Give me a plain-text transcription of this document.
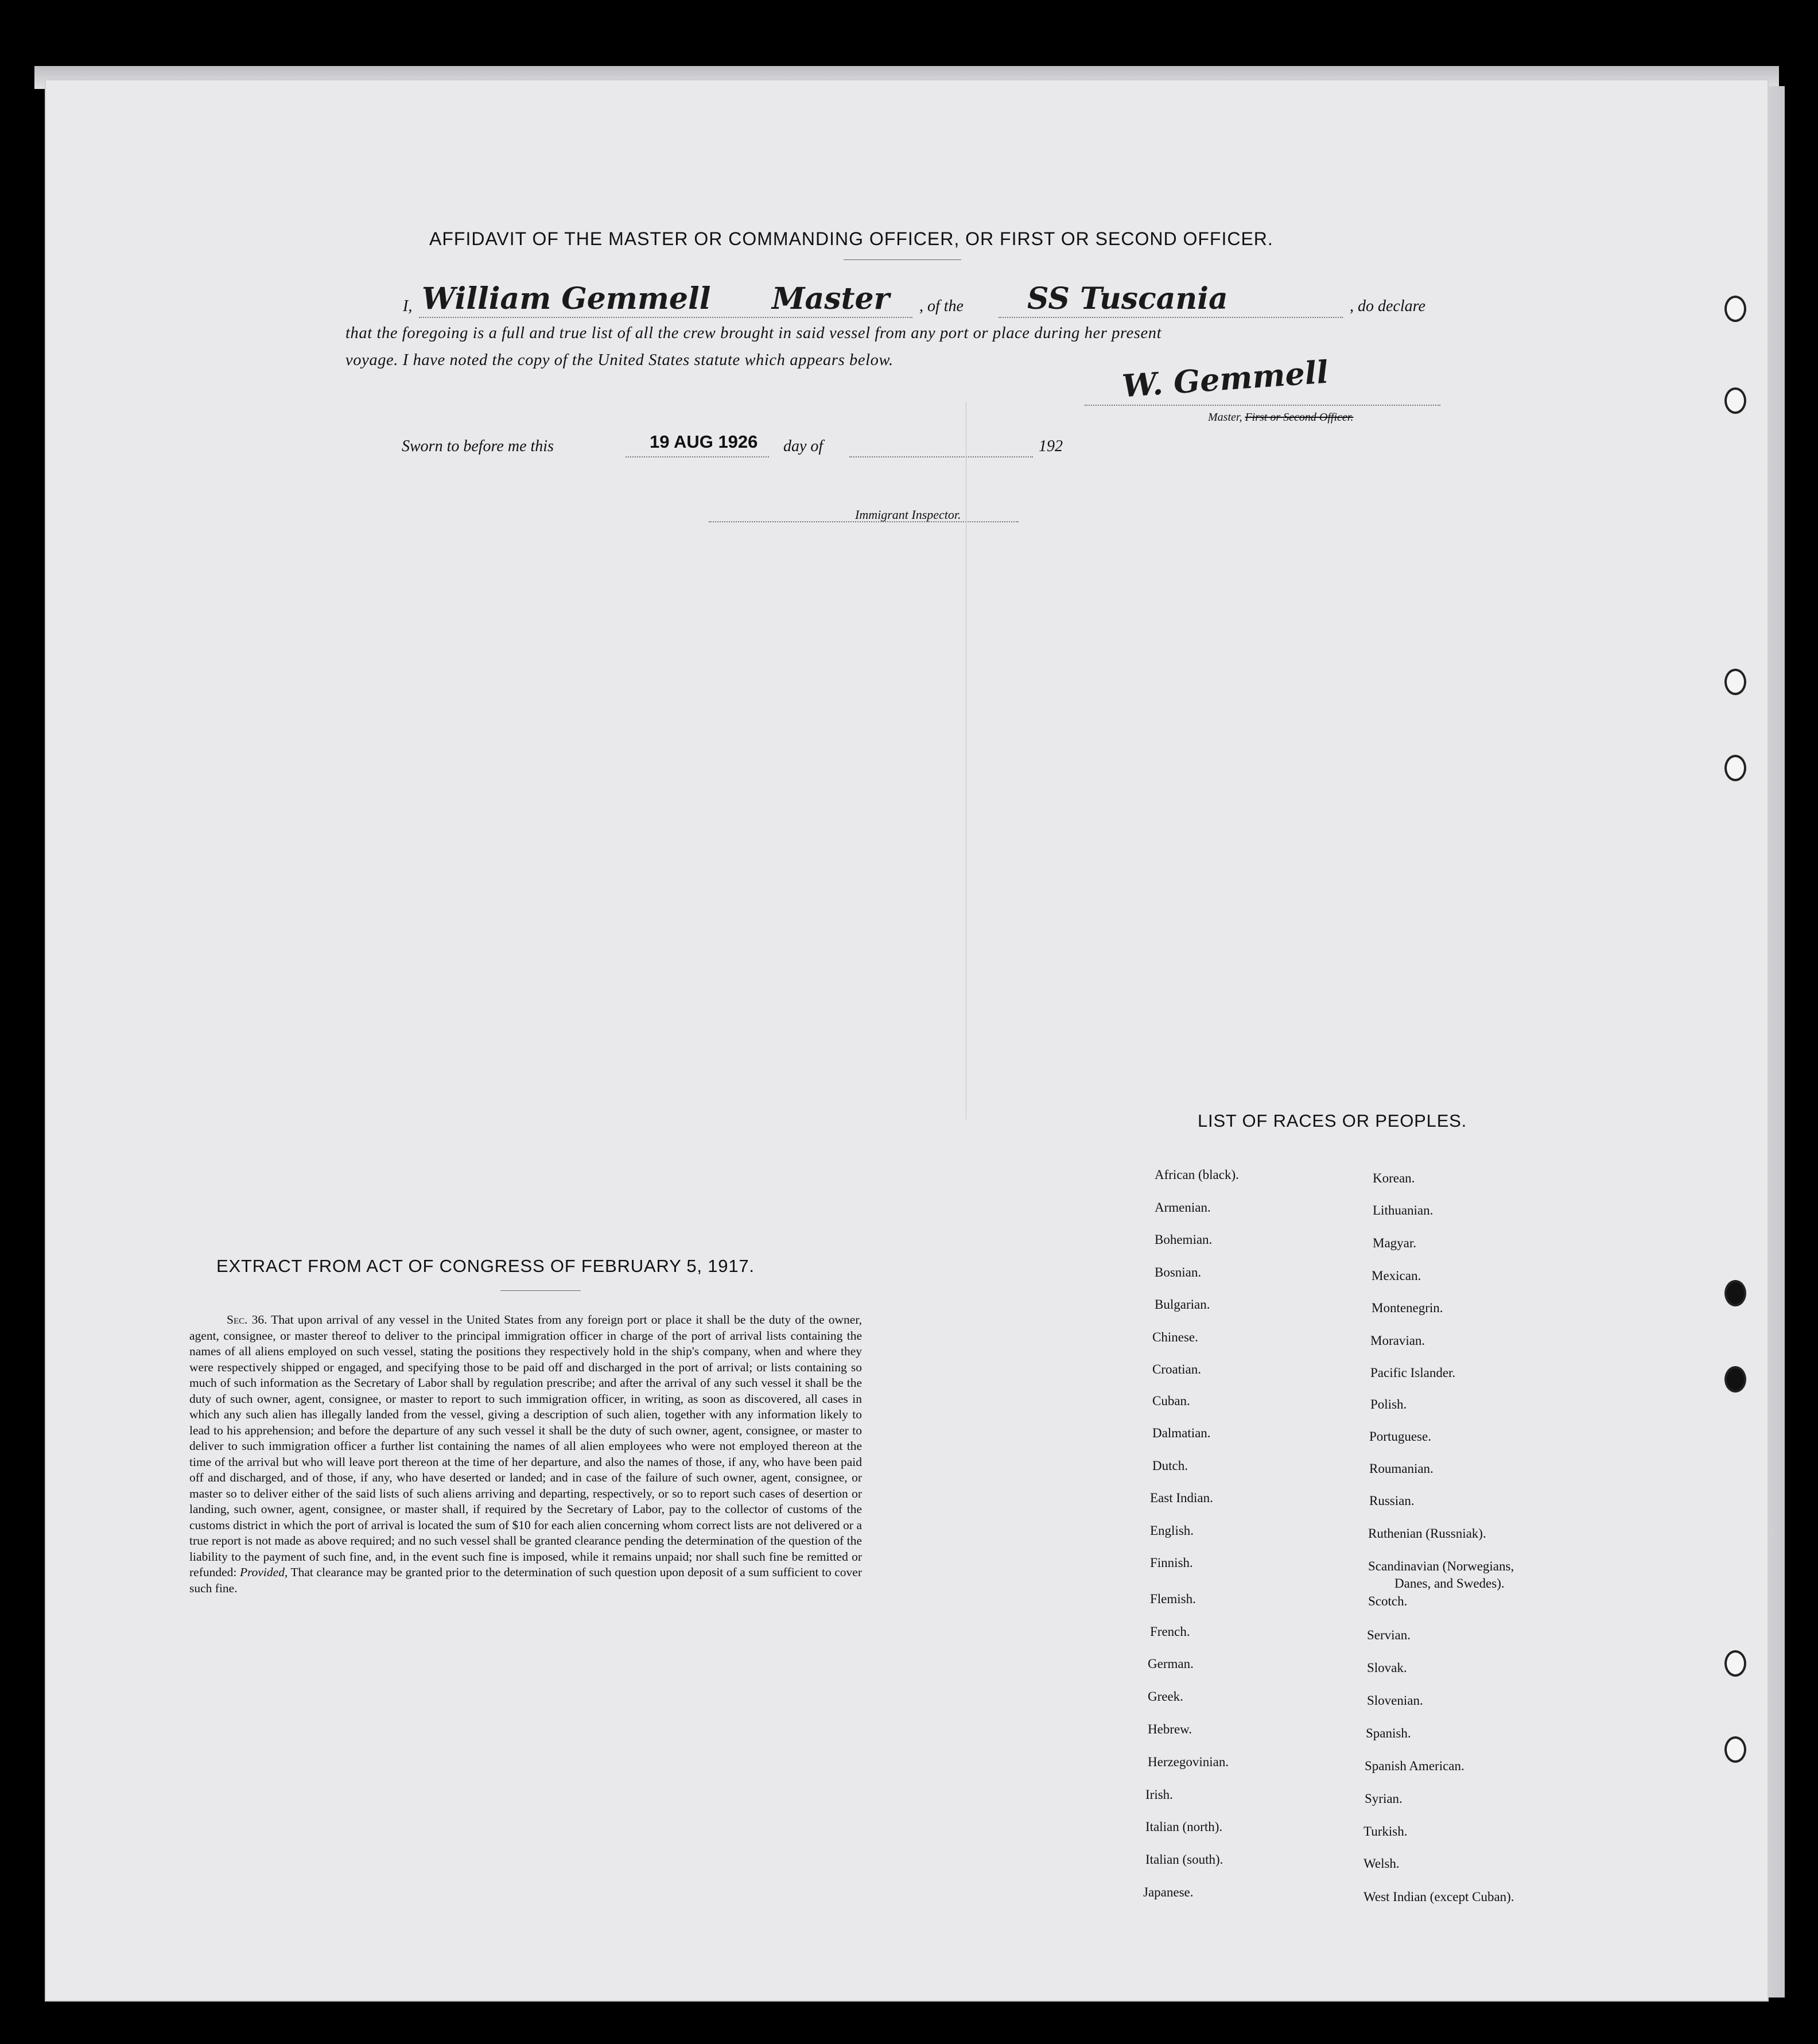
AFFIDAVIT OF THE MASTER OR COMMANDING OFFICER, OR FIRST OR SECOND OFFICER.
I, William Gemmell Master , of the SS Tuscania	, do declare
that the foregoing is a full and true list of all the crew brought in said vessel from any port or place during her present
voyage. I have noted the copy of the United States statute which appears below.	W. Gemmell
Master, First or Second Officer.
Sworn to before me this	19 AUG 1926 day of	192
Immigrant Inspector.
EXTRACT FROM ACT OF CONGRESS OF FEBRUARY 5, 1917.
Sec. 36. That upon arrival of any vessel in the United States from any foreign port or place it shall be the duty of the owner, agent, consignee, or master thereof to deliver to the principal immigration officer in charge of the port of arrival lists containing the names of all aliens employed on such vessel, stating the positions they respectively hold in the ship's company, when and where they were respectively shipped or engaged, and specifying those to be paid off and discharged in the port of arrival; or lists containing so much of such information as the Secretary of Labor shall by regulation prescribe; and after the arrival of any such vessel it shall be the duty of such owner, agent, consignee, or master to report to such immigration officer, in writing, as soon as discovered, all cases in which any such alien has illegally landed from the vessel, giving a description of such alien, together with any information likely to lead to his apprehension; and before the departure of any such vessel it shall be the duty of such owner, agent, consignee, or master to deliver to such immigration officer a further list containing the names of all alien employees who were not employed thereon at the time of the arrival but who will leave port thereon at the time of her departure, and also the names of those, if any, who have been paid off and discharged, and of those, if any, who have deserted or landed; and in case of the failure of such owner, agent, consignee, or master so to deliver either of the said lists of such aliens arriving and departing, respectively, or so to report such cases of desertion or landing, such owner, agent, consignee, or master shall, if required by the Secretary of Labor, pay to the collector of customs of the customs district in which the port of arrival is located the sum of $10 for each alien concerning whom correct lists are not delivered or a true report is not made as above required; and no such vessel shall be granted clearance pending the determination of the question of the liability to the payment of such fine, and, in the event such fine is imposed, while it remains unpaid; nor shall such fine be remitted or refunded: Provided, That clearance may be granted prior to the determination of such question upon deposit of a sum sufficient to cover such fine.
LIST OF RACES OR PEOPLES.
African (black).
Armenian.
Bohemian.
Bosnian.
Bulgarian.
Chinese.
Croatian.
Cuban.
Dalmatian.
Dutch.
East Indian.
English.
Finnish.
Flemish.
French.
German.
Greek.
Hebrew.
Herzegovinian.
Irish.
Italian (north).
Italian (south).
Japanese.
Korean.
Lithuanian.
Magyar.
Mexican.
Montenegrin.
Moravian.
Pacific Islander.
Polish.
Portuguese.
Roumanian.
Russian.
Ruthenian (Russniak).
Scandinavian (Norwegians,
Danes, and Swedes).
Scotch.
Servian.
Slovak.
Slovenian.
Spanish.
Spanish American.
Syrian.
Turkish.
Welsh.
West Indian (except Cuban).
